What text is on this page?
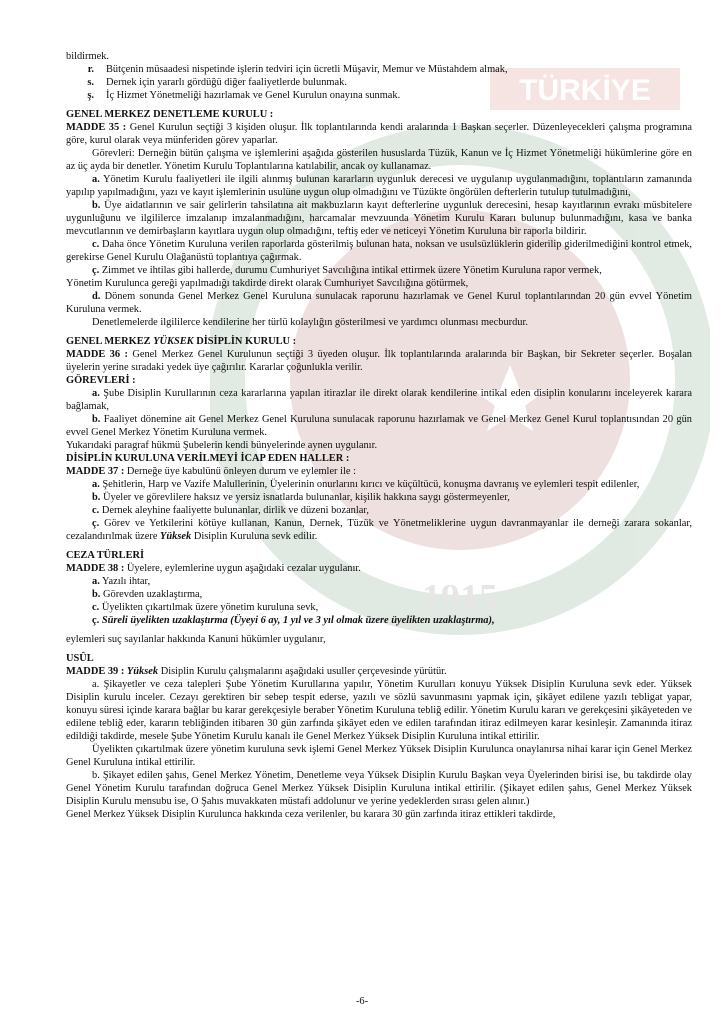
TÜRKİYE
1915

bildirmek.

r.	Bütçenin müsaadesi nispetinde işlerin tedviri için ücretli Müşavir, Memur ve Müstahdem almak,
s.	Dernek için yararlı gördüğü diğer faaliyetlerde bulunmak.
ş.	İç Hizmet Yönetmeliği hazırlamak ve Genel Kurulun onayına sunmak.

GENEL MERKEZ DENETLEME KURULU :

MADDE 35 : Genel Kurulun seçtiği 3 kişiden oluşur. İlk toplantılarında kendi aralarında 1 Başkan seçerler. Düzenleyecekleri çalışma programına göre, kurul olarak veya münferiden görev yaparlar.

Görevleri: Derneğin bütün çalışma ve işlemlerini aşağıda gösterilen hususlarda Tüzük, Kanun ve İç Hizmet Yönetmeliği hükümlerine göre en az üç ayda bir denetler. Yönetim Kurulu Toplantılarına katılabilir, ancak oy kullanamaz.

a. Yönetim Kurulu faaliyetleri ile ilgili alınmış bulunan kararların uygunluk derecesi ve uygulanıp uygulanmadığını, toplantıların zamanında yapılıp yapılmadığını, yazı ve kayıt işlemlerinin usulüne uygun olup olmadığını ve Tüzükte öngörülen defterlerin tutulup tutulmadığını,

b. Üye aidatlarının ve sair gelirlerin tahsilatına ait makbuzların kayıt defterlerine uygunluk derecesini, hesap kayıtlarının evrakı müsbitelere uygunluğunu ve ilgililerce imzalanıp imzalanmadığını, harcamalar mevzuunda Yönetim Kurulu Kararı bulunup bulunmadığını, kasa ve banka mevcutlarının ve demirbaşların kayıtlara uygun olup olmadığını, teftiş eder ve neticeyi Yönetim Kuruluna bir raporla bildirir.

c. Daha önce Yönetim Kuruluna verilen raporlarda gösterilmiş bulunan hata, noksan ve usulsüzlüklerin giderilip giderilmediğini kontrol etmek, gerekirse Genel Kurulu Olağanüstü toplantıya çağırmak.

ç. Zimmet ve ihtilas gibi hallerde, durumu Cumhuriyet Savcılığına intikal ettirmek üzere Yönetim Kuruluna rapor vermek,

Yönetim Kurulunca gereği yapılmadığı takdirde direkt olarak Cumhuriyet Savcılığına götürmek,

d. Dönem sonunda Genel Merkez Genel Kuruluna sunulacak raporunu hazırlamak ve Genel Kurul toplantılarından 20 gün evvel Yönetim Kuruluna vermek.

Denetlemelerde ilgililerce kendilerine her türlü kolaylığın gösterilmesi ve yardımcı olunması mecburdur.

GENEL MERKEZ YÜKSEK DİSİPLİN KURULU :

MADDE 36 : Genel Merkez Genel Kurulunun seçtiği 3 üyeden oluşur. İlk toplantılarında aralarında bir Başkan, bir Sekreter seçerler. Boşalan üyelerin yerine sıradaki yedek üye çağırılır. Kararlar çoğunlukla verilir.

GÖREVLERİ :

a. Şube Disiplin Kurullarının ceza kararlarına yapılan itirazlar ile direkt olarak kendilerine intikal eden disiplin konularını inceleyerek karara bağlamak,

b. Faaliyet dönemine ait Genel Merkez Genel Kuruluna sunulacak raporunu hazırlamak ve Genel Merkez Genel Kurul toplantısından 20 gün evvel Genel Merkez Yönetim Kuruluna vermek.

Yukarıdaki paragraf hükmü Şubelerin kendi bünyelerinde aynen uygulanır.

DİSİPLİN KURULUNA VERİLMEYİ İCAP EDEN HALLER :

MADDE 37 : Derneğe üye kabulünü önleyen durum ve eylemler ile :

a. Şehitlerin, Harp ve Vazife Malullerinin, Üyelerinin onurlarını kırıcı ve küçültücü, konuşma davranış ve eylemleri tespit edilenler,

b. Üyeler ve görevlilere haksız ve yersiz isnatlarda bulunanlar, kişilik hakkına saygı göstermeyenler,

c. Dernek aleyhine faaliyette bulunanlar, dirlik ve düzeni bozanlar,

ç. Görev ve Yetkilerini kötüye kullanan, Kanun, Dernek, Tüzük ve Yönetmeliklerine uygun davranmayanlar ile derneği zarara sokanlar, cezalandırılmak üzere Yüksek Disiplin Kuruluna sevk edilir.

CEZA TÜRLERİ

MADDE 38 : Üyelere, eylemlerine uygun aşağıdaki cezalar uygulanır.

a. Yazılı ihtar,

b. Görevden uzaklaştırma,

c. Üyelikten çıkartılmak üzere yönetim kuruluna sevk,

ç. Süreli üyelikten uzaklaştırma (Üyeyi 6 ay, 1 yıl ve 3 yıl olmak üzere üyelikten uzaklaştırma),

eylemleri suç sayılanlar hakkında Kanuni hükümler uygulanır,

USÛL

MADDE 39 : Yüksek Disiplin Kurulu çalışmalarını aşağıdaki usuller çerçevesinde yürütür.

a. Şikayetler ve ceza talepleri Şube Yönetim Kurullarına yapılır, Yönetim Kurulları konuyu Yüksek Disiplin Kuruluna sevk eder. Yüksek Disiplin kurulu inceler. Cezayı gerektiren bir sebep tespit ederse, yazılı ve sözlü savunmasını yapmak için, şikâyet edilene yazılı tebligat yapar, konuyu süresi içinde karara bağlar bu karar gerekçesiyle beraber Yönetim Kuruluna tebliğ edilir. Yönetim Kurulu kararı ve gerekçesini şikâyeteden ve edilene tebliğ eder, kararın tebliğinden itibaren 30 gün zarfında şikâyet eden ve edilen tarafından itiraz edilmeyen karar kesinleşir. Zamanında itiraz edildiği takdirde, mesele Şube Yönetim Kurulu kanalı ile Genel Merkez Yüksek Disiplin Kuruluna intikal ettirilir.

Üyelikten çıkartılmak üzere yönetim kuruluna sevk işlemi Genel Merkez Yüksek Disiplin Kurulunca onaylanırsa nihai karar için Genel Merkez Genel Kuruluna intikal ettirilir.

b. Şikayet edilen şahıs, Genel Merkez Yönetim, Denetleme veya Yüksek Disiplin Kurulu Başkan veya Üyelerinden birisi ise, bu takdirde olay Genel Yönetim Kurulu tarafından doğruca Genel Merkez Yüksek Disiplin Kuruluna intikal ettirilir. (Şikayet edilen şahıs, Genel Merkez Yüksek Disiplin Kurulu mensubu ise, O Şahıs muvakkaten müstafi addolunur ve yerine yedeklerden sırası gelen alınır.)

Genel Merkez Yüksek Disiplin Kurulunca hakkında ceza verilenler, bu karara 30 gün zarfında itiraz ettikleri takdirde,

-6-
